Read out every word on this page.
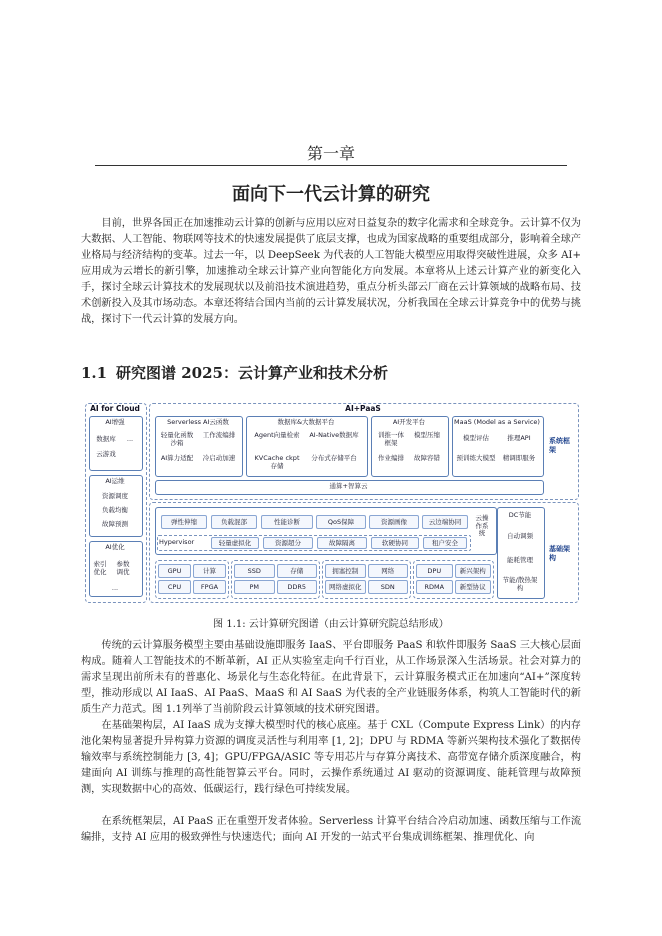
第一章
面向下一代云计算的研究
目前，世界各国正在加速推动云计算的创新与应用以应对日益复杂的数字化需求和全球竞争。云计算不仅为大数据、人工智能、物联网等技术的快速发展提供了底层支撑，也成为国家战略的重要组成部分，影响着全球产业格局与经济结构的变革。过去一年，以 DeepSeek 为代表的人工智能大模型应用取得突破性进展，众多 AI+ 应用成为云增长的新引擎，加速推动全球云计算产业向智能化方向发展。本章将从上述云计算产业的新变化入手，探讨全球云计算技术的发展现状以及前沿技术演进趋势，重点分析头部云厂商在云计算领域的战略布局、技术创新投入及其市场动态。本章还将结合国内当前的云计算发展状况，分析我国在全球云计算竞争中的优势与挑战，探讨下一代云计算的发展方向。
1.1 研究图谱 2025：云计算产业和技术分析
AI for Cloud	AI+PaaS
AI增强
数据库	...
云游戏
AI运维
资源调度
负载均衡
故障预测
AI优化
索引优化
参数调优
...
Serverless AI云函数
轻量化函数沙箱
工作流编排
AI算力适配 冷启动加速
数据库&大数据平台
Agent向量检索	AI-Native数据库
KVCache ckpt存储
分布式存储平台
AI开发平台
训推一体框架
模型压缩
作业编排	故障容错
MaaS (Model as a Service)
模型评估	推理API
预训练大模型	精调即服务
系统框架
通算+智算云
云操作系统
Hypervisor
DC节能
自动调频
能耗管理
节能/散热架构
基础架构
弹性伸缩	负载混部	性能诊断	QoS保障	资源画像	云边端协同
轻量虚拟化	资源超分	故障隔离	软硬协同	租户安全
GPU	计算
CPU	FPGA
SSD	存储
PM	DDR5
拥塞控制	网络
网络虚拟化	SDN
DPU	新兴架构
RDMA	新型协议
图 1.1: 云计算研究图谱（由云计算研究院总结形成）
传统的云计算服务模型主要由基础设施即服务 IaaS、平台即服务 PaaS 和软件即服务 SaaS 三大核心层面构成。随着人工智能技术的不断革新，AI 正从实验室走向千行百业，从工作场景深入生活场景。社会对算力的需求呈现出前所未有的普惠化、场景化与生态化特征。在此背景下，云计算服务模式正在加速向“AI+”深度转型，推动形成以 AI IaaS、AI PaaS、MaaS 和 AI SaaS 为代表的全产业链服务体系，构筑人工智能时代的新质生产力范式。图 1.1列举了当前阶段云计算领域的技术研究图谱。
在基础架构层，AI IaaS 成为支撑大模型时代的核心底座。基于 CXL（Compute Express Link）的内存池化架构显著提升异构算力资源的调度灵活性与利用率 [1, 2]；DPU 与 RDMA 等新兴架构技术强化了数据传输效率与系统控制能力 [3, 4]；GPU/FPGA/ASIC 等专用芯片与存算分离技术、高带宽存储介质深度融合，构建面向 AI 训练与推理的高性能智算云平台。同时，云操作系统通过 AI 驱动的资源调度、能耗管理与故障预测，实现数据中心的高效、低碳运行，践行绿色可持续发展。
在系统框架层，AI PaaS 正在重塑开发者体验。Serverless 计算平台结合冷启动加速、函数压缩与工作流编排，支持 AI 应用的极致弹性与快速迭代；面向 AI 开发的一站式平台集成训练框架、推理优化、向
